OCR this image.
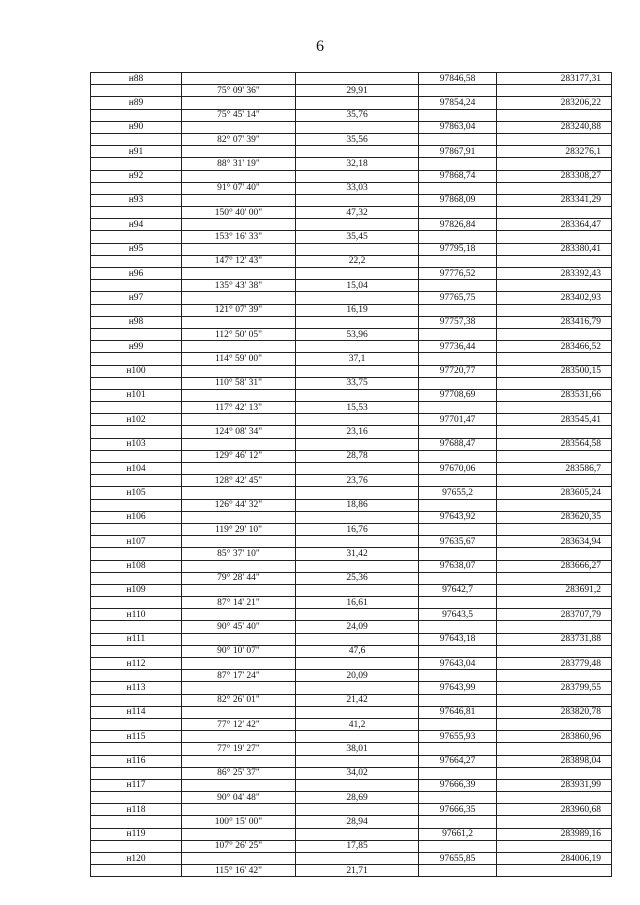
6
н88			97846,58	283177,31
	75° 09' 36"	29,91		
н89			97854,24	283206,22
	75° 45' 14"	35,76		
н90			97863,04	283240,88
	82° 07' 39"	35,56		
н91			97867,91	283276,1
	88° 31' 19"	32,18		
н92			97868,74	283308,27
	91° 07' 40"	33,03		
н93			97868,09	283341,29
	150° 40' 00"	47,32		
н94			97826,84	283364,47
	153° 16' 33"	35,45		
н95			97795,18	283380,41
	147° 12' 43"	22,2		
н96			97776,52	283392,43
	135° 43' 38"	15,04		
н97			97765,75	283402,93
	121° 07' 39"	16,19		
н98			97757,38	283416,79
	112° 50' 05"	53,96		
н99			97736,44	283466,52
	114° 59' 00"	37,1		
н100			97720,77	283500,15
	110° 58' 31"	33,75		
н101			97708,69	283531,66
	117° 42' 13"	15,53		
н102			97701,47	283545,41
	124° 08' 34"	23,16		
н103			97688,47	283564,58
	129° 46' 12"	28,78		
н104			97670,06	283586,7
	128° 42' 45"	23,76		
н105			97655,2	283605,24
	126° 44' 32"	18,86		
н106			97643,92	283620,35
	119° 29' 10"	16,76		
н107			97635,67	283634,94
	85° 37' 10"	31,42		
н108			97638,07	283666,27
	79° 28' 44"	25,36		
н109			97642,7	283691,2
	87° 14' 21"	16,61		
н110			97643,5	283707,79
	90° 45' 40"	24,09		
н111			97643,18	283731,88
	90° 10' 07"	47,6		
н112			97643,04	283779,48
	87° 17' 24"	20,09		
н113			97643,99	283799,55
	82° 26' 01"	21,42		
н114			97646,81	283820,78
	77° 12' 42"	41,2		
н115			97655,93	283860,96
	77° 19' 27"	38,01		
н116			97664,27	283898,04
	86° 25' 37"	34,02		
н117			97666,39	283931,99
	90° 04' 48"	28,69		
н118			97666,35	283960,68
	100° 15' 00"	28,94		
н119			97661,2	283989,16
	107° 26' 25"	17,85		
н120			97655,85	284006,19
	115° 16' 42"	21,71		
